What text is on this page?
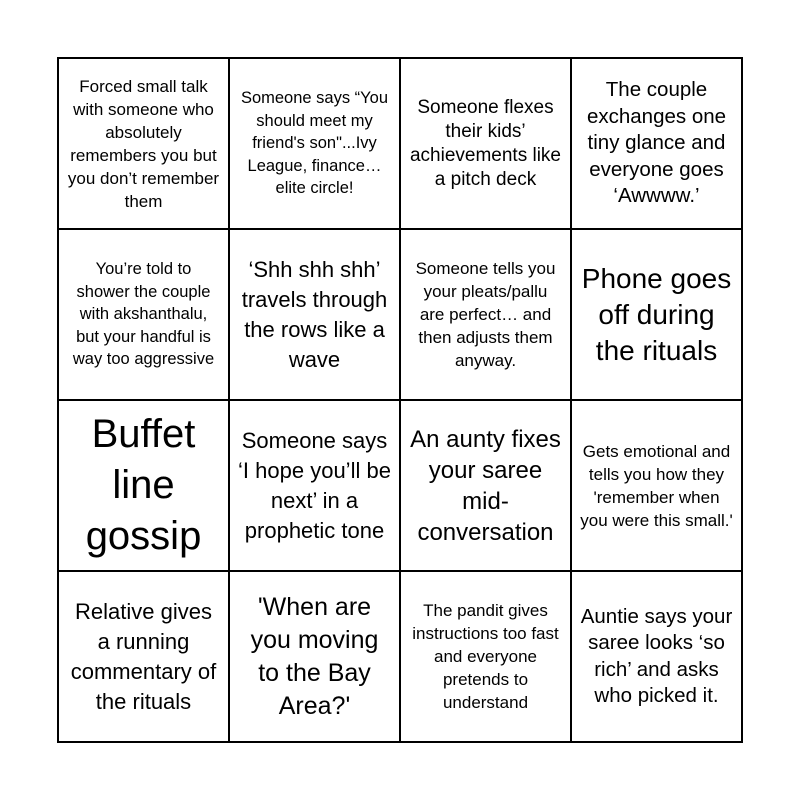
Forced small talk with someone who absolutely remembers you but you don’t remember them
Someone says “You should meet my friend's son"...Ivy League, finance… elite circle!
Someone flexes their kids’ achievements like a pitch deck
The couple exchanges one tiny glance and everyone goes ‘Awwww.’
You’re told to shower the couple with akshanthalu, but your handful is way too aggressive
‘Shh shh shh’ travels through the rows like a wave
Someone tells you your pleats/pallu are perfect… and then adjusts them anyway.
Phone goes off during the rituals
Buffet line gossip
Someone says ‘I hope you’ll be next’ in a prophetic tone
An aunty fixes your saree mid-conversation
Gets emotional and tells you how they 'remember when you were this small.'
Relative gives a running commentary of the rituals
'When are you moving to the Bay Area?'
The pandit gives instructions too fast and everyone pretends to understand
Auntie says your saree looks ‘so rich’ and asks who picked it.
